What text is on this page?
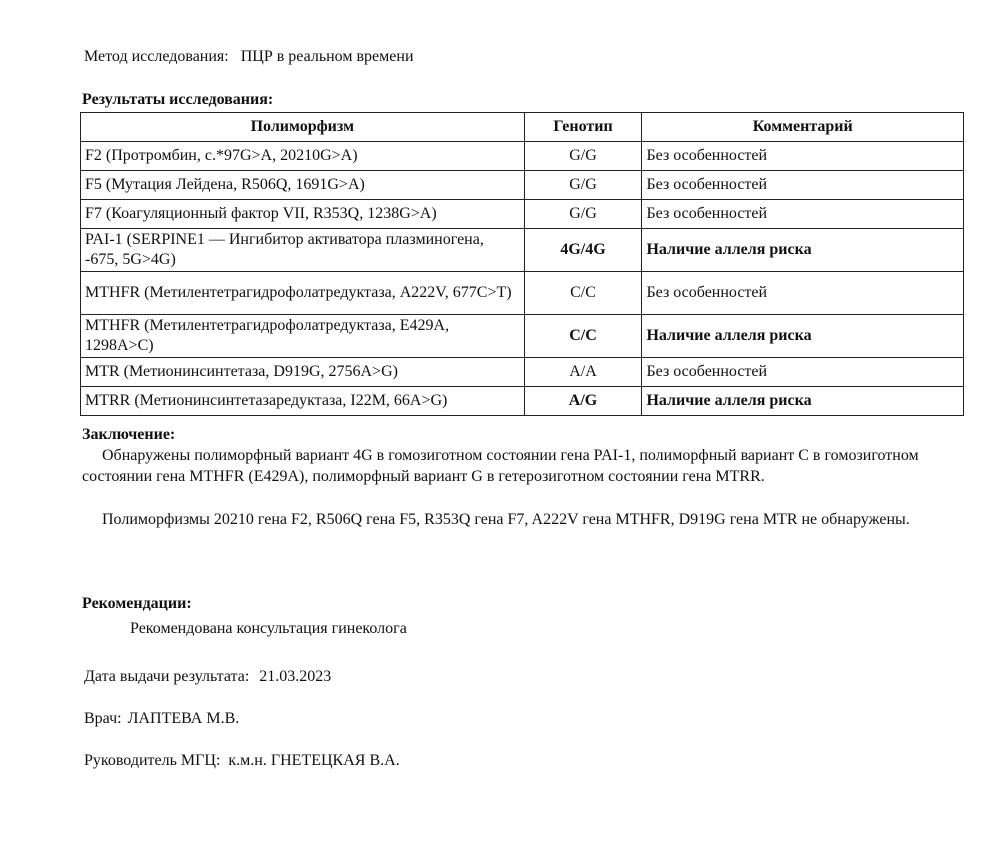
Метод исследования: ПЦР в реальном времени
Результаты исследования:
Полиморфизм	Генотип	Комментарий
F2 (Протромбин, с.*97G>A, 20210G>A)	G/G	Без особенностей
F5 (Мутация Лейдена, R506Q, 1691G>A)	G/G	Без особенностей
F7 (Коагуляционный фактор VII, R353Q, 1238G>A)	G/G	Без особенностей
PAI-1 (SERPINE1 — Ингибитор активатора плазминогена, -675, 5G>4G)	4G/4G	Наличие аллеля риска
MTHFR (Метилентетрагидрофолатредуктаза, A222V, 677C>T)	C/C	Без особенностей
MTHFR (Метилентетрагидрофолатредуктаза, E429A, 1298A>C)	C/C	Наличие аллеля риска
MTR (Метионинсинтетаза, D919G, 2756A>G)	A/A	Без особенностей
MTRR (Метионинсинтетазаредуктаза, I22M, 66A>G)	A/G	Наличие аллеля риска
Заключение:
Обнаружены полиморфный вариант 4G в гомозиготном состоянии гена PAI-1, полиморфный вариант С в гомозиготном состоянии гена MTHFR (E429A), полиморфный вариант G в гетерозиготном состоянии гена MTRR.
Полиморфизмы 20210 гена F2, R506Q гена F5, R353Q гена F7, A222V гена MTHFR, D919G гена MTR не обнаружены.
Рекомендации:
Рекомендована консультация гинеколога
Дата выдачи результата: 21.03.2023
Врач: ЛАПТЕВА М.В.
Руководитель МГЦ: к.м.н. ГНЕТЕЦКАЯ В.А.
